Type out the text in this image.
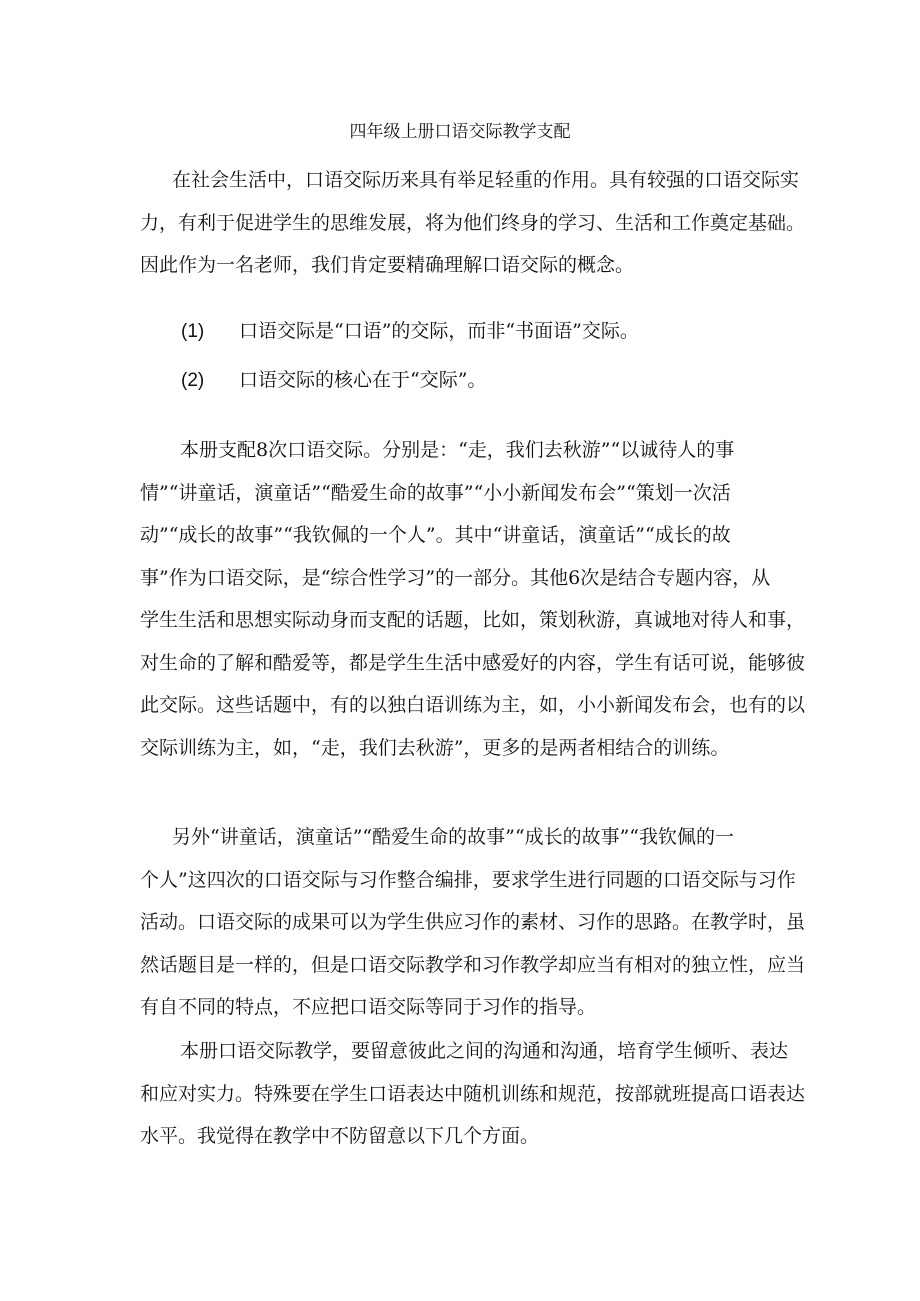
四年级上册口语交际教学支配

在社会生活中，口语交际历来具有举足轻重的作用。具有较强的口语交际实
力，有利于促进学生的思维发展，将为他们终身的学习、生活和工作奠定基础。
因此作为一名老师，我们肯定要精确理解口语交际的概念。

(1) 口语交际是“口语”的交际，而非“书面语”交际。
(2) 口语交际的核心在于“交际”。

本册支配8次口语交际。分别是：“走，我们去秋游”“以诚待人的事
情”“讲童话，演童话”“酷爱生命的故事”“小小新闻发布会”“策划一次活
动”“成长的故事”“我钦佩的一个人”。其中“讲童话，演童话”“成长的故
事”作为口语交际，是“综合性学习”的一部分。其他6次是结合专题内容，从
学生生活和思想实际动身而支配的话题，比如，策划秋游，真诚地对待人和事，
对生命的了解和酷爱等，都是学生生活中感爱好的内容，学生有话可说，能够彼
此交际。这些话题中，有的以独白语训练为主，如，小小新闻发布会，也有的以
交际训练为主，如，“走，我们去秋游”，更多的是两者相结合的训练。

另外“讲童话，演童话”“酷爱生命的故事”“成长的故事”“我钦佩的一
个人”这四次的口语交际与习作整合编排，要求学生进行同题的口语交际与习作
活动。口语交际的成果可以为学生供应习作的素材、习作的思路。在教学时，虽
然话题目是一样的，但是口语交际教学和习作教学却应当有相对的独立性，应当
有自不同的特点，不应把口语交际等同于习作的指导。

本册口语交际教学，要留意彼此之间的沟通和沟通，培育学生倾听、表达
和应对实力。特殊要在学生口语表达中随机训练和规范，按部就班提高口语表达
水平。我觉得在教学中不防留意以下几个方面。
